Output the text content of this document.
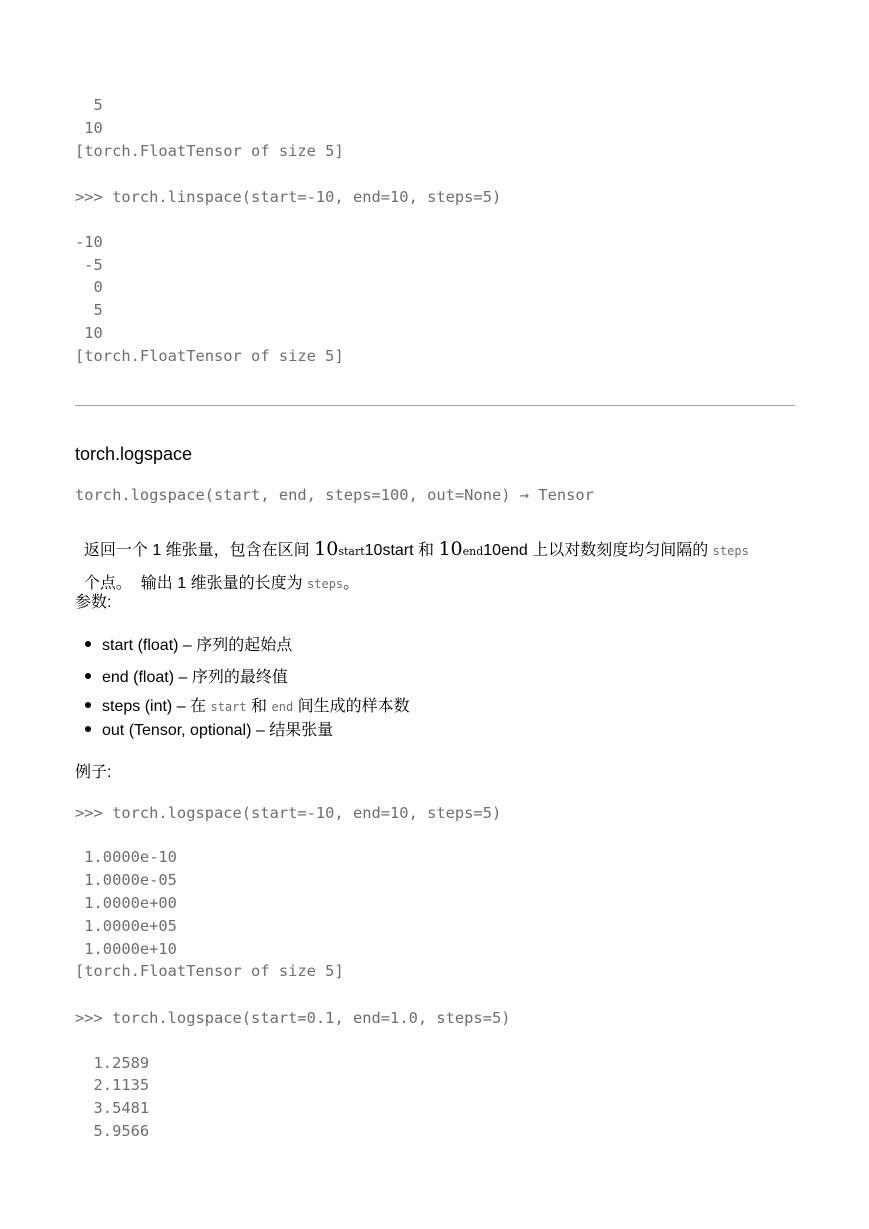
5
10
[torch.FloatTensor of size 5]
>>> torch.linspace(start=-10, end=10, steps=5)
-10
-5
0
5
10
[torch.FloatTensor of size 5]
torch.logspace
torch.logspace(start, end, steps=100, out=None) → Tensor

返回一个 1 维张量，包含在区间 10start10start 和 10end10end 上以对数刻度均匀间隔的 steps

个点。  输出 1 维张量的长度为 steps。

参数:
start (float) – 序列的起始点
end (float) – 序列的最终值
steps (int) – 在 start 和 end 间生成的样本数
out (Tensor, optional) – 结果张量
例子:
>>> torch.logspace(start=-10, end=10, steps=5)
1.0000e-10
1.0000e-05
1.0000e+00
1.0000e+05
1.0000e+10
[torch.FloatTensor of size 5]
>>> torch.logspace(start=0.1, end=1.0, steps=5)
1.2589
2.1135
3.5481
5.9566
